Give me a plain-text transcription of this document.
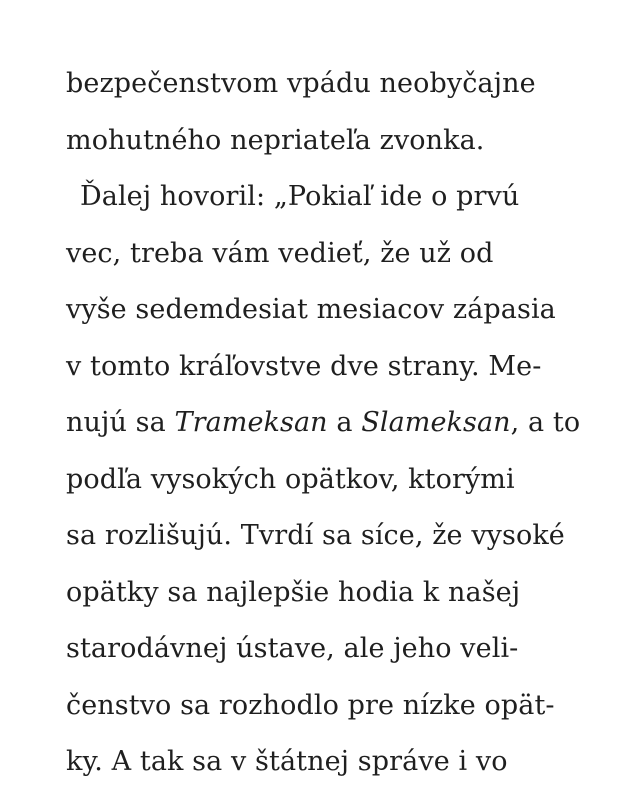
bezpečenstvom vpádu neobyčajne
mohutného nepriateľa zvonka.
Ďalej hovoril: „Pokiaľ ide o prvú
vec, treba vám vedieť, že už od
vyše sedemdesiat mesiacov zápasia
v tomto kráľovstve dve strany. Me-
nujú sa Trameksan a Slameksan, a to
podľa vysokých opätkov, ktorými
sa rozlišujú. Tvrdí sa síce, že vysoké
opätky sa najlepšie hodia k našej
starodávnej ústave, ale jeho veli-
čenstvo sa rozhodlo pre nízke opät-
ky. A tak sa v štátnej správe i vo
